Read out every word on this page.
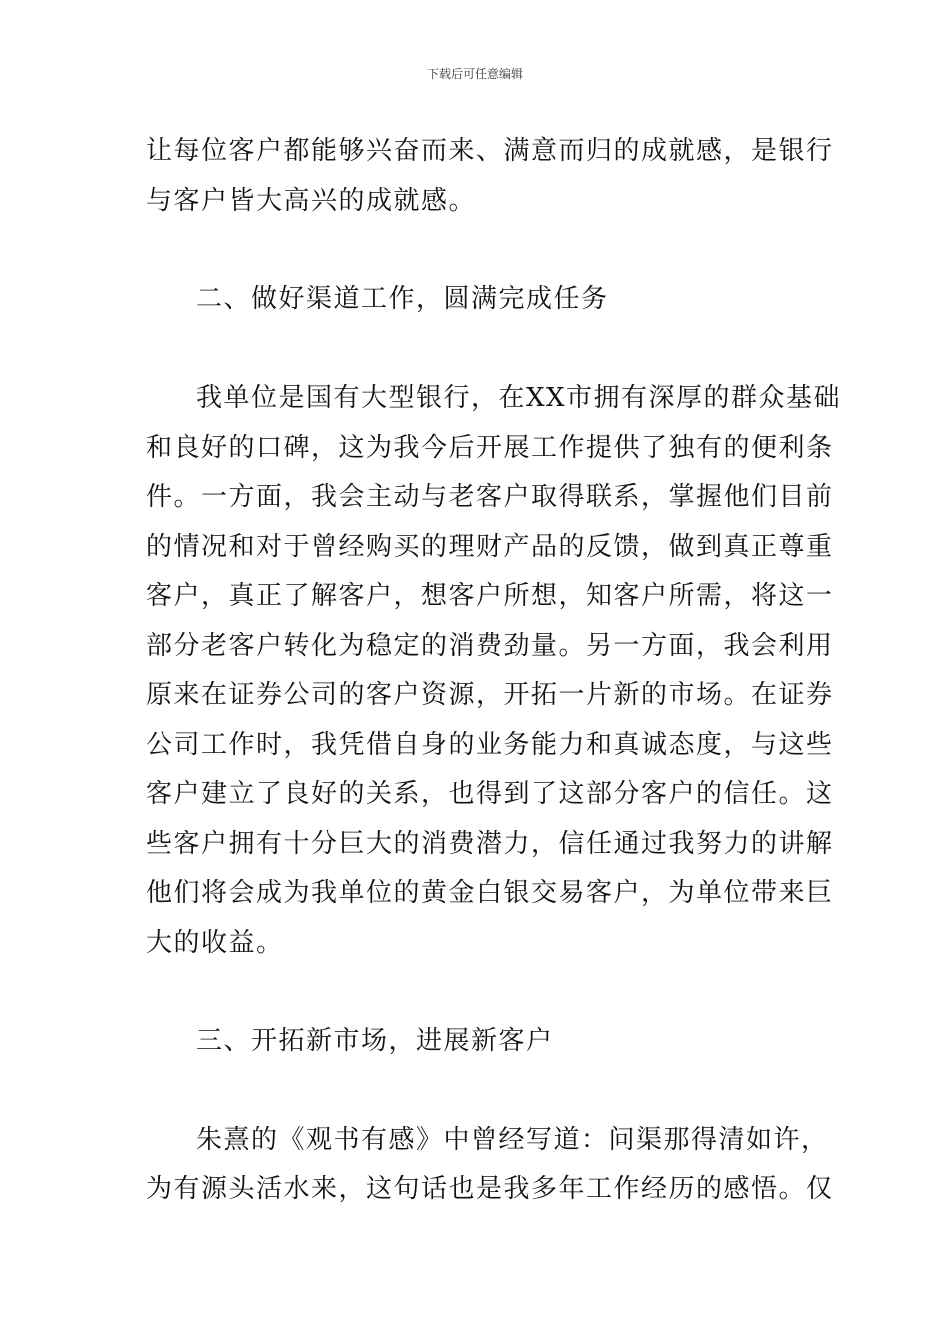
下载后可任意编辑
让每位客户都能够兴奋而来、满意而归的成就感，是银行
与客户皆大高兴的成就感。
二、做好渠道工作，圆满完成任务
我单位是国有大型银行，在XX市拥有深厚的群众基础
和良好的口碑，这为我今后开展工作提供了独有的便利条
件。一方面，我会主动与老客户取得联系，掌握他们目前
的情况和对于曾经购买的理财产品的反馈，做到真正尊重
客户，真正了解客户，想客户所想，知客户所需，将这一
部分老客户转化为稳定的消费劲量。另一方面，我会利用
原来在证券公司的客户资源，开拓一片新的市场。在证券
公司工作时，我凭借自身的业务能力和真诚态度，与这些
客户建立了良好的关系，也得到了这部分客户的信任。这
些客户拥有十分巨大的消费潜力，信任通过我努力的讲解
他们将会成为我单位的黄金白银交易客户，为单位带来巨
大的收益。
三、开拓新市场，进展新客户
朱熹的《观书有感》中曾经写道：问渠那得清如许，
为有源头活水来，这句话也是我多年工作经历的感悟。仅
